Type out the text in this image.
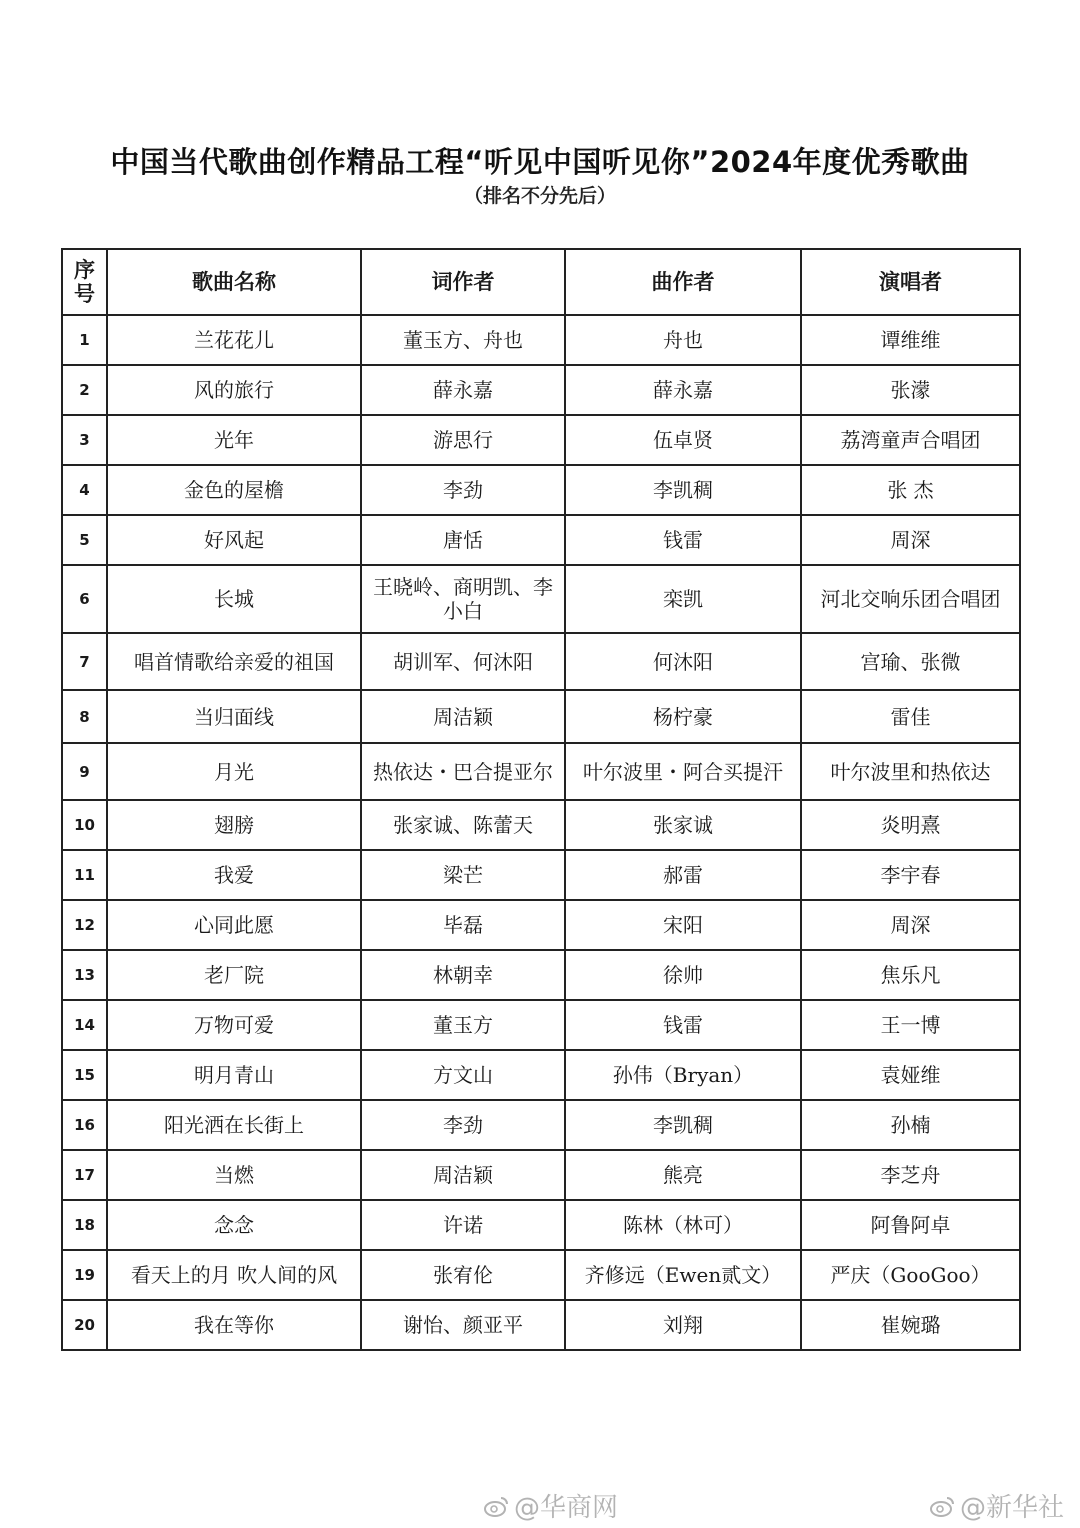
中国当代歌曲创作精品工程“听见中国听见你”2024年度优秀歌曲
（排名不分先后）
序号	歌曲名称	词作者	曲作者	演唱者
1	兰花花儿	董玉方、舟也	舟也	谭维维
2	风的旅行	薛永嘉	薛永嘉	张濛
3	光年	游思行	伍卓贤	荔湾童声合唱团
4	金色的屋檐	李劲	李凯稠	张 杰
5	好风起	唐恬	钱雷	周深
6	长城	王晓岭、商明凯、李小白	栾凯	河北交响乐团合唱团
7	唱首情歌给亲爱的祖国	胡训军、何沐阳	何沐阳	宫瑜、张微
8	当归面线	周洁颖	杨柠豪	雷佳
9	月光	热依达・巴合提亚尔	叶尔波里・阿合买提汗	叶尔波里和热依达
10	翅膀	张家诚、陈蕾天	张家诚	炎明熹
11	我爱	梁芒	郝雷	李宇春
12	心同此愿	毕磊	宋阳	周深
13	老厂院	林朝幸	徐帅	焦乐凡
14	万物可爱	董玉方	钱雷	王一博
15	明月青山	方文山	孙伟（Bryan）	袁娅维
16	阳光洒在长街上	李劲	李凯稠	孙楠
17	当燃	周洁颖	熊亮	李芝舟
18	念念	许诺	陈林（林可）	阿鲁阿卓
19	看天上的月 吹人间的风	张宥伦	齐修远（Ewen贰文）	严庆（GooGoo）
20	我在等你	谢怡、颜亚平	刘翔	崔婉璐
@华商网	@新华社
